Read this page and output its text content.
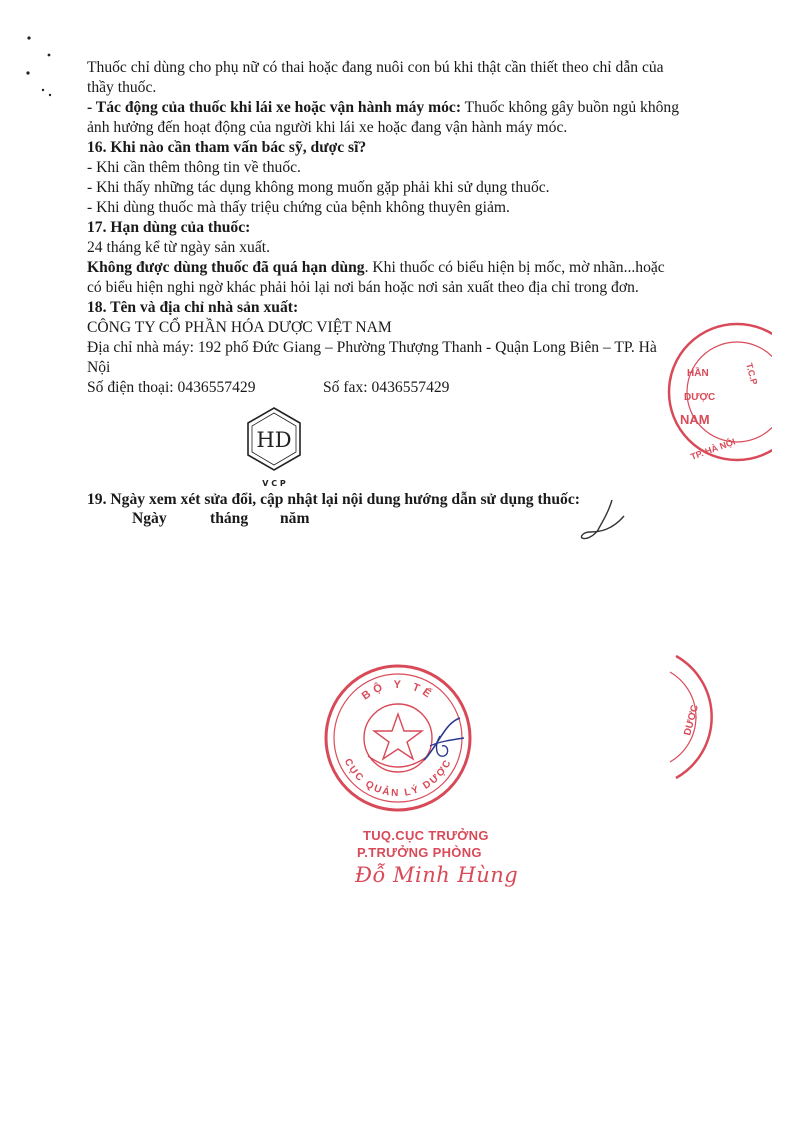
Thuốc chỉ dùng cho phụ nữ có thai hoặc đang nuôi con bú khi thật cần thiết theo chỉ dẫn của

thầy thuốc.

- Tác động của thuốc khi lái xe hoặc vận hành máy móc: Thuốc không gây buồn ngủ không

ảnh hưởng đến hoạt động của người khi lái xe hoặc đang vận hành máy móc.

16. Khi nào cần tham vấn bác sỹ, dược sĩ?

- Khi cần thêm thông tin về thuốc.

- Khi thấy những tác dụng không mong muốn gặp phải khi sử dụng thuốc.

- Khi dùng thuốc mà thấy triệu chứng của bệnh không thuyên giảm.

17. Hạn dùng của thuốc:

24 tháng kể từ ngày sản xuất.

Không được dùng thuốc đã quá hạn dùng. Khi thuốc có biểu hiện bị mốc, mờ nhãn...hoặc

có biểu hiện nghi ngờ khác phải hỏi lại nơi bán hoặc nơi sản xuất theo địa chỉ trong đơn.

18. Tên và địa chỉ nhà sản xuất:

CÔNG TY CỔ PHẦN HÓA DƯỢC VIỆT NAM

Địa chỉ nhà máy: 192 phố Đức Giang – Phường Thượng Thanh - Quận Long Biên – TP. Hà

Nội

Số điện thoại: 0436557429	Số fax: 0436557429
HD
V C P
HẦN
DƯỢC
NAM
T.C.P
TP. HÀ NỘI
19. Ngày xem xét sửa đổi, cập nhật lại nội dung hướng dẫn sử dụng thuốc:
Ngày	tháng	năm
BỘ Y TẾ
CỤC QUẢN LÝ DƯỢC
DƯỢC
TUQ.CỤC TRƯỞNG
P.TRƯỞNG PHÒNG
Đỗ Minh Hùng
